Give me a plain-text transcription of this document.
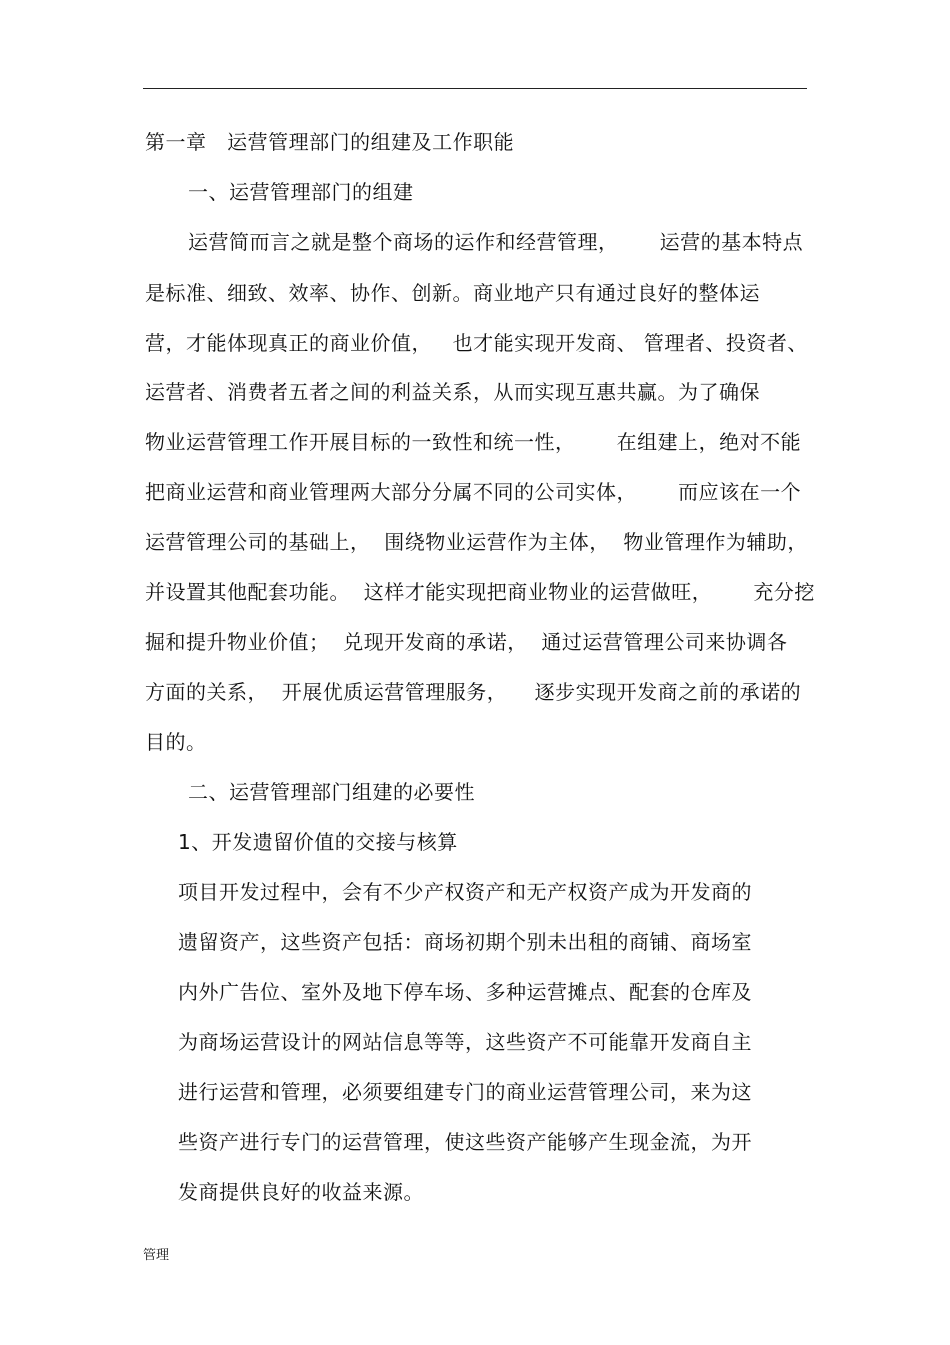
第一章   运营管理部门的组建及工作职能
一、运营管理部门的组建
运营简而言之就是整个商场的运作和经营管理，      运营的基本特点
是标准、细致、效率、协作、创新。商业地产只有通过良好的整体运
营，才能体现真正的商业价值，   也才能实现开发商、 管理者、投资者、
运营者、消费者五者之间的利益关系，从而实现互惠共赢。为了确保
物业运营管理工作开展目标的一致性和统一性，      在组建上，绝对不能
把商业运营和商业管理两大部分分属不同的公司实体，      而应该在一个
运营管理公司的基础上，  围绕物业运营作为主体，  物业管理作为辅助，
并设置其他配套功能。  这样才能实现把商业物业的运营做旺，      充分挖
掘和提升物业价值；  兑现开发商的承诺，  通过运营管理公司来协调各
方面的关系，  开展优质运营管理服务，    逐步实现开发商之前的承诺的
目的。
二、运营管理部门组建的必要性
1、开发遗留价值的交接与核算
项目开发过程中，会有不少产权资产和无产权资产成为开发商的
遗留资产，这些资产包括：商场初期个别未出租的商铺、商场室
内外广告位、室外及地下停车场、多种运营摊点、配套的仓库及
为商场运营设计的网站信息等等，这些资产不可能靠开发商自主
进行运营和管理，必须要组建专门的商业运营管理公司，来为这
些资产进行专门的运营管理，使这些资产能够产生现金流，为开
发商提供良好的收益来源。
管理
